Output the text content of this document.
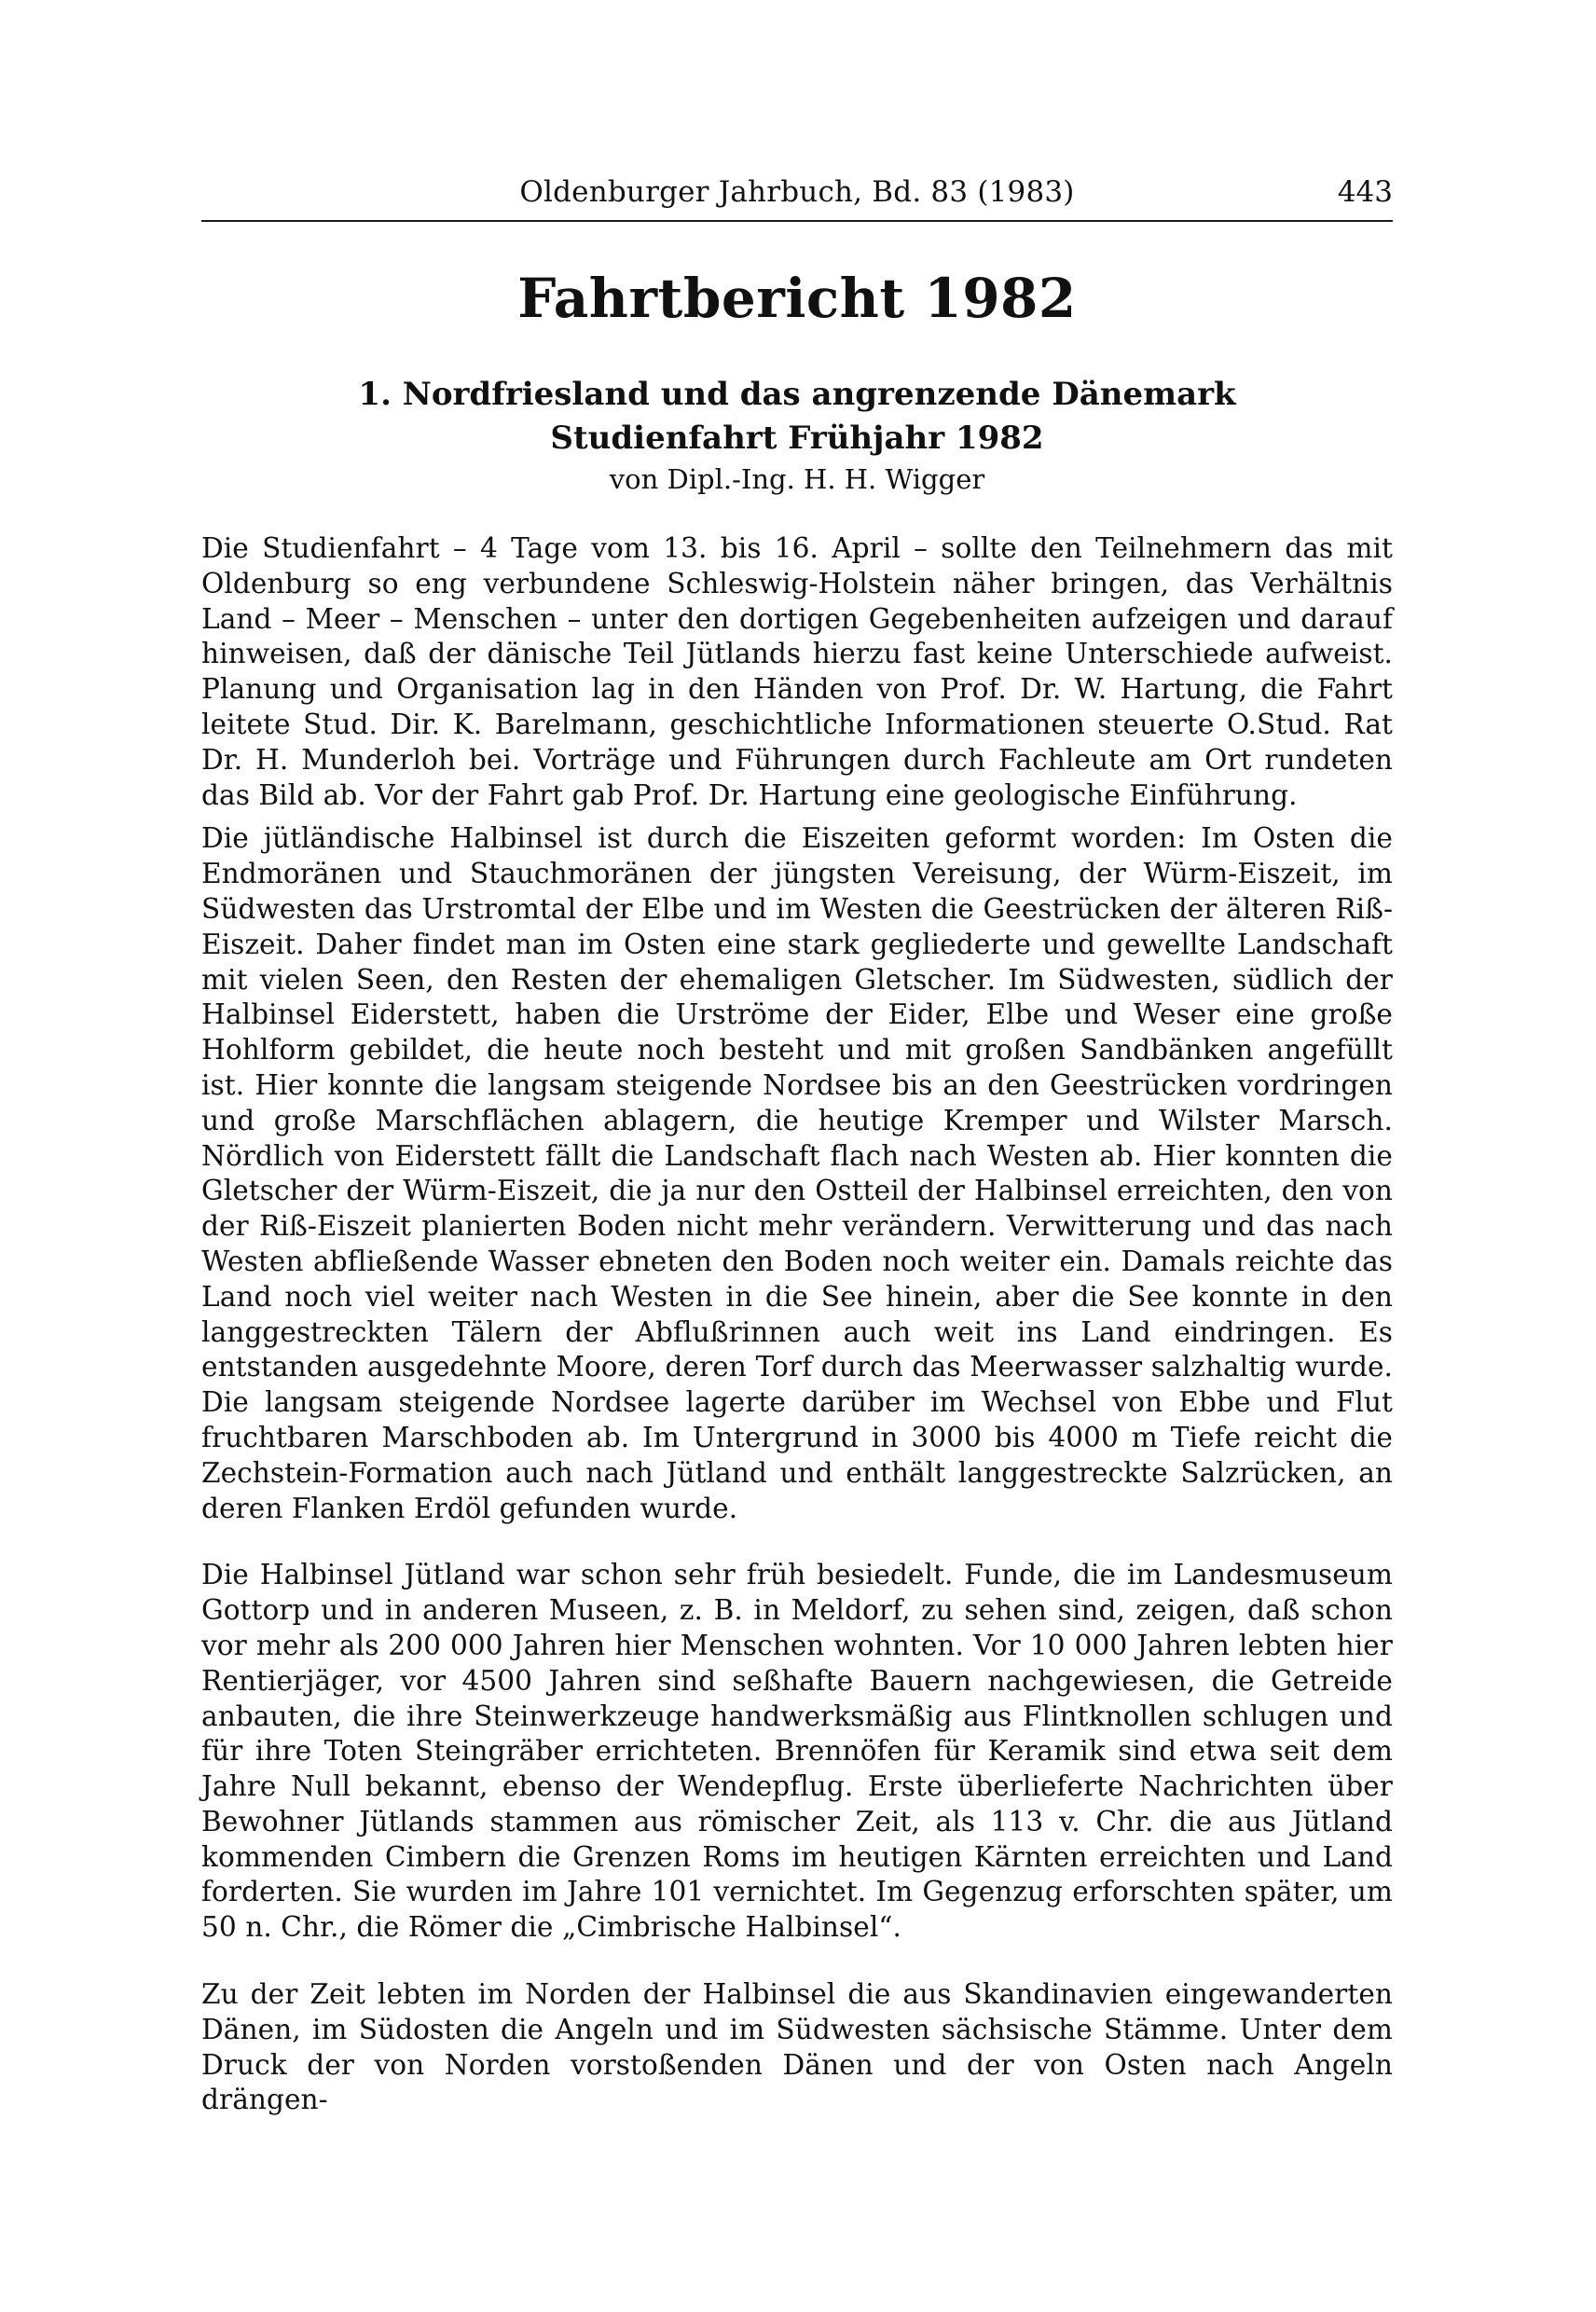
Oldenburger Jahrbuch, Bd. 83 (1983)	443
Fahrtbericht 1982
1. Nordfriesland und das angrenzende Dänemark
Studienfahrt Frühjahr 1982
von Dipl.-Ing. H. H. Wigger

Die Studienfahrt – 4 Tage vom 13. bis 16. April – sollte den Teilnehmern das mit Oldenburg so eng verbundene Schleswig-Holstein näher bringen, das Verhältnis Land – Meer – Menschen – unter den dortigen Gegebenheiten aufzeigen und darauf hinweisen, daß der dänische Teil Jütlands hierzu fast keine Unterschiede aufweist. Planung und Organisation lag in den Händen von Prof. Dr. W. Hartung, die Fahrt leitete Stud. Dir. K. Barelmann, geschichtliche Informationen steuerte O.Stud. Rat Dr. H. Munderloh bei. Vorträge und Führungen durch Fachleute am Ort rundeten das Bild ab. Vor der Fahrt gab Prof. Dr. Hartung eine geologische Einführung.

Die jütländische Halbinsel ist durch die Eiszeiten geformt worden: Im Osten die Endmoränen und Stauchmoränen der jüngsten Vereisung, der Würm-Eiszeit, im Südwesten das Urstromtal der Elbe und im Westen die Geestrücken der älteren Riß-Eiszeit. Daher findet man im Osten eine stark gegliederte und gewellte Landschaft mit vielen Seen, den Resten der ehemaligen Gletscher. Im Südwesten, südlich der Halbinsel Eiderstett, haben die Urströme der Eider, Elbe und Weser eine große Hohlform gebildet, die heute noch besteht und mit großen Sandbänken angefüllt ist. Hier konnte die langsam steigende Nordsee bis an den Geestrücken vordringen und große Marschflächen ablagern, die heutige Kremper und Wilster Marsch. Nördlich von Eiderstett fällt die Landschaft flach nach Westen ab. Hier konnten die Gletscher der Würm-Eiszeit, die ja nur den Ostteil der Halbinsel erreichten, den von der Riß-Eiszeit planierten Boden nicht mehr verändern. Verwitterung und das nach Westen abfließende Wasser ebneten den Boden noch weiter ein. Damals reichte das Land noch viel weiter nach Westen in die See hinein, aber die See konnte in den langgestreckten Tälern der Abflußrinnen auch weit ins Land eindringen. Es entstanden ausgedehnte Moore, deren Torf durch das Meerwasser salzhaltig wurde. Die langsam steigende Nordsee lagerte darüber im Wechsel von Ebbe und Flut fruchtbaren Marschboden ab. Im Untergrund in 3000 bis 4000 m Tiefe reicht die Zechstein-Formation auch nach Jütland und enthält langgestreckte Salzrücken, an deren Flanken Erdöl gefunden wurde.

Die Halbinsel Jütland war schon sehr früh besiedelt. Funde, die im Landesmuseum Gottorp und in anderen Museen, z. B. in Meldorf, zu sehen sind, zeigen, daß schon vor mehr als 200 000 Jahren hier Menschen wohnten. Vor 10 000 Jahren lebten hier Rentierjäger, vor 4500 Jahren sind seßhafte Bauern nachgewiesen, die Getreide anbauten, die ihre Steinwerkzeuge handwerksmäßig aus Flintknollen schlugen und für ihre Toten Steingräber errichteten. Brennöfen für Keramik sind etwa seit dem Jahre Null bekannt, ebenso der Wendepflug. Erste überlieferte Nachrichten über Bewohner Jütlands stammen aus römischer Zeit, als 113 v. Chr. die aus Jütland kommenden Cimbern die Grenzen Roms im heutigen Kärnten erreichten und Land forderten. Sie wurden im Jahre 101 vernichtet. Im Gegenzug erforschten später, um 50 n. Chr., die Römer die „Cimbrische Halbinsel“.

Zu der Zeit lebten im Norden der Halbinsel die aus Skandinavien eingewanderten Dänen, im Südosten die Angeln und im Südwesten sächsische Stämme. Unter dem Druck der von Norden vorstoßenden Dänen und der von Osten nach Angeln drängen-
